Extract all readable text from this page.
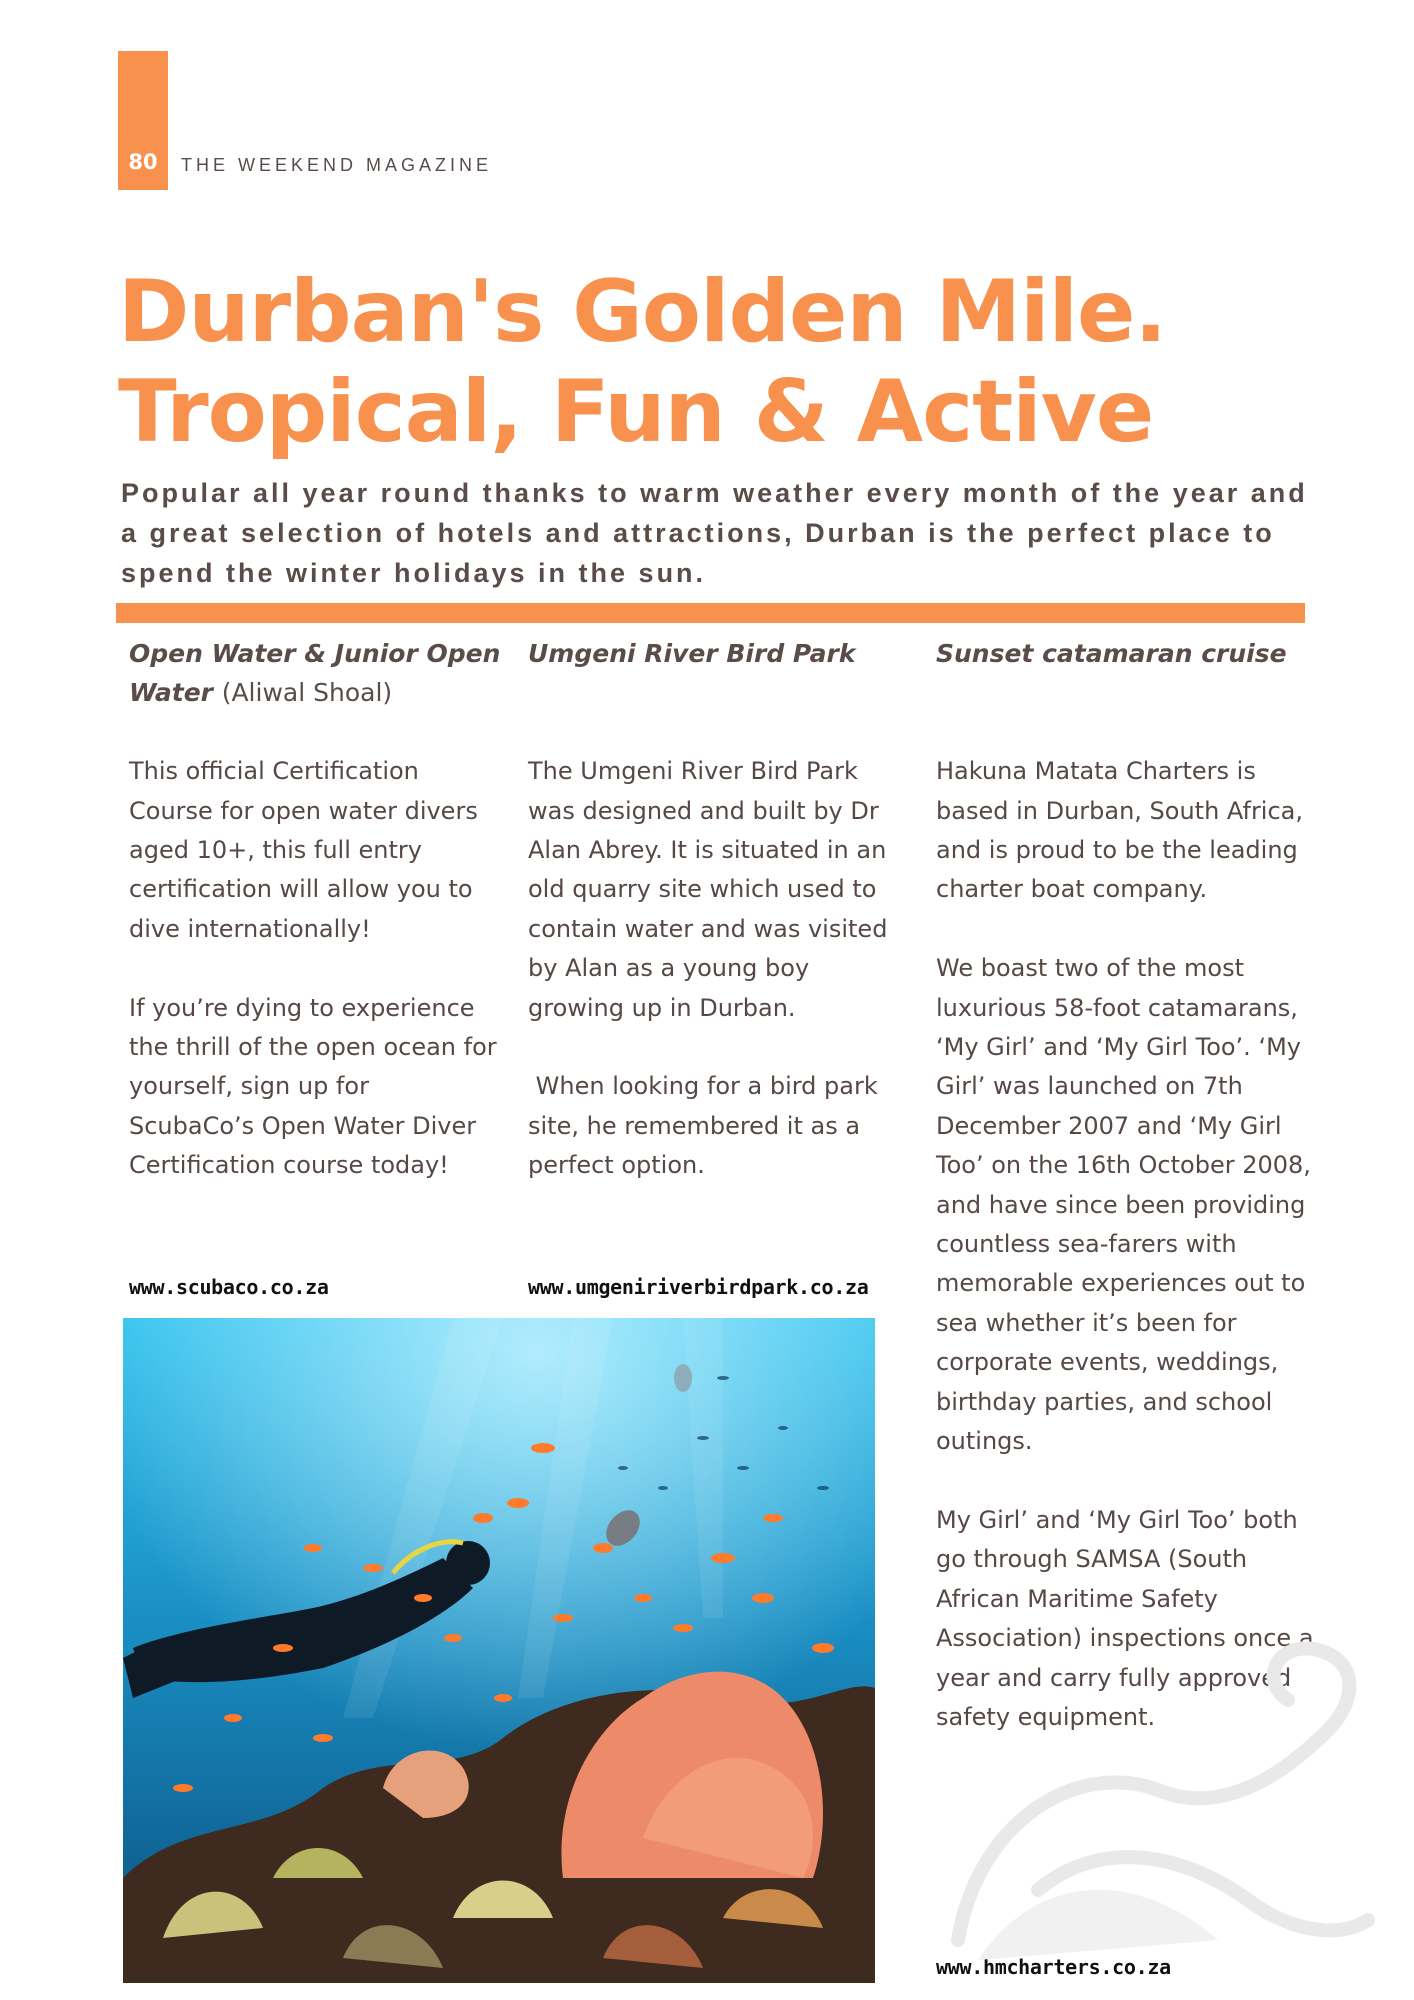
80	THE WEEKEND MAGAZINE
Durban's Golden Mile.
Tropical, Fun & Active

Popular all year round thanks to warm weather every month of the year and a great selection of hotels and attractions, Durban is the perfect place to spend the winter holidays in the sun.

Open Water & Junior Open Water (Aliwal Shoal)

This official Certification Course for open water divers aged 10+, this full entry certification will allow you to dive internationally!

If you’re dying to experience the thrill of the open ocean for yourself, sign up for ScubaCo’s Open Water Diver Certification course today!

Umgeni River Bird Park

The Umgeni River Bird Park was designed and built by Dr Alan Abrey. It is situated in an old quarry site which used to contain water and was visited by Alan as a young boy growing up in Durban.

When looking for a bird park site, he remembered it as a perfect option.

Sunset catamaran cruise

Hakuna Matata Charters is based in Durban, South Africa, and is proud to be the leading charter boat company.

We boast two of the most luxurious 58-foot catamarans, ‘My Girl’ and ‘My Girl Too’. ‘My Girl’ was launched on 7th December 2007 and ‘My Girl Too’ on the 16th October 2008, and have since been providing countless sea-farers with memorable experiences out to sea whether it’s been for corporate events, weddings, birthday parties, and school outings.

My Girl’ and ‘My Girl Too’ both go through SAMSA (South African Maritime Safety Association) inspections once a year and carry fully approved safety equipment.

www.scubaco.co.za	www.umgeniriverbirdpark.co.za
www.hmcharters.co.za
